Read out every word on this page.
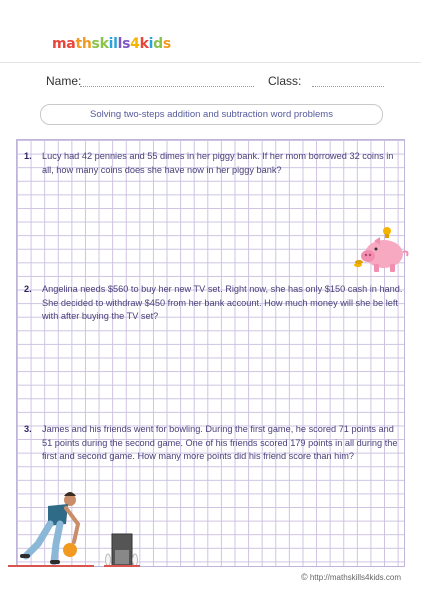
mathskills4kids
Name:	Class:
Solving two-steps addition and subtraction word problems
1. Lucy had 42 pennies and 55 dimes in her piggy bank. If her mom borrowed 32 coins in all, how many coins does she have now in her piggy bank?
2. Angelina needs $560 to buy her new TV set. Right now, she has only $150 cash in hand. She decided to withdraw $450 from her bank account. How much money will she be left with after buying the TV set?
3. James and his friends went for bowling. During the first game, he scored 71 points and 51 points during the second game. One of his friends scored 179 points in all during the first and second game. How many more points did his friend score than him?
© http://mathskills4kids.com
